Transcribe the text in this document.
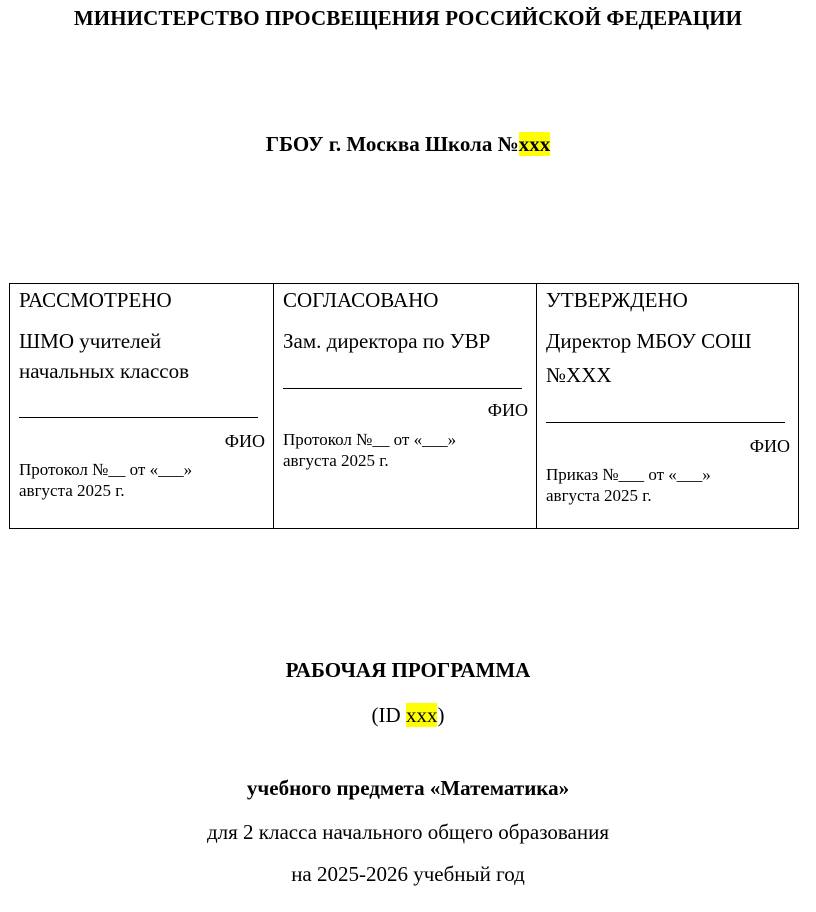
МИНИСТЕРСТВО ПРОСВЕЩЕНИЯ РОССИЙСКОЙ ФЕДЕРАЦИИ
ГБОУ г. Москва Школа №xxx
РАССМОТРЕНО
ШМО учителей
начальных классов
ФИО
Протокол №__ от «___»
августа 2025 г.
СОГЛАСОВАНО
Зам. директора по УВР
ФИО
Протокол №__ от «___»
августа 2025 г.
УТВЕРЖДЕНО
Директор МБОУ СОШ
№XXX
ФИО
Приказ №___ от «___»
августа 2025 г.
РАБОЧАЯ ПРОГРАММА
(ID xxx)
учебного предмета «Математика»
для 2 класса начального общего образования
на 2025-2026 учебный год
